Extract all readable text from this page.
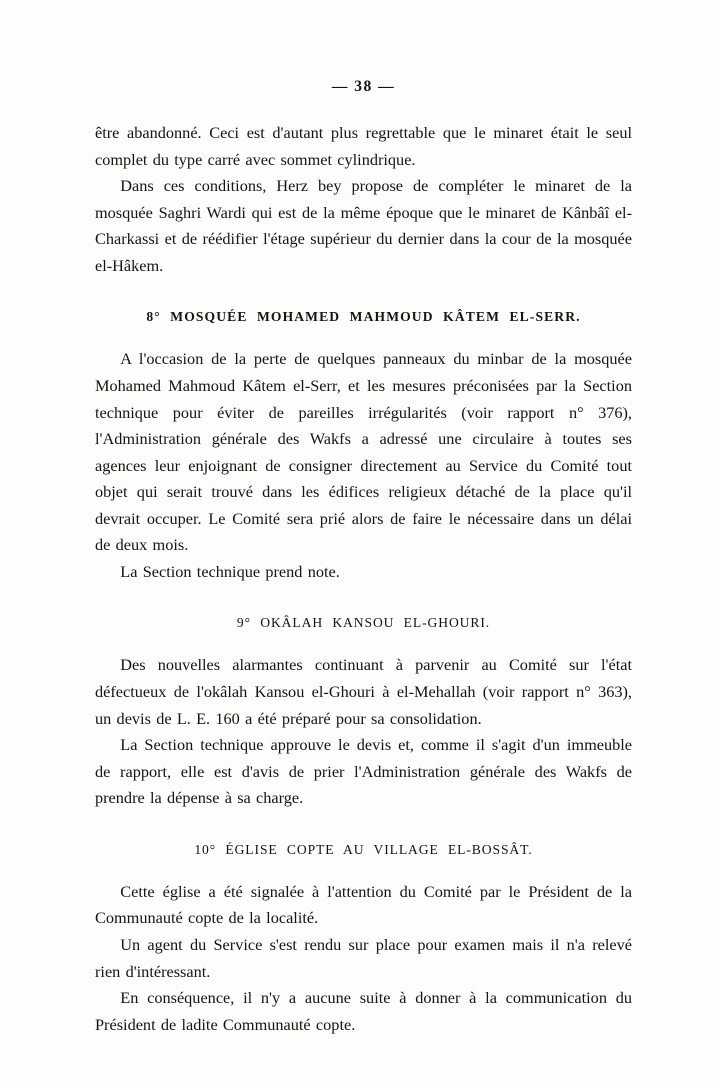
— 38 —

être abandonné. Ceci est d'autant plus regrettable que le minaret était le seul complet du type carré avec sommet cylindrique.

Dans ces conditions, Herz bey propose de compléter le minaret de la mosquée Saghri Wardi qui est de la même époque que le minaret de Kânbâî el-Charkassi et de réédifier l'étage supérieur du dernier dans la cour de la mosquée el-Hâkem.

8° MOSQUÉE MOHAMED MAHMOUD KÂTEM EL-SERR.

A l'occasion de la perte de quelques panneaux du minbar de la mosquée Mohamed Mahmoud Kâtem el-Serr, et les mesures préconisées par la Section technique pour éviter de pareilles irrégularités (voir rapport n° 376), l'Administration générale des Wakfs a adressé une circulaire à toutes ses agences leur enjoignant de consigner directement au Service du Comité tout objet qui serait trouvé dans les édifices religieux détaché de la place qu'il devrait occuper. Le Comité sera prié alors de faire le nécessaire dans un délai de deux mois.

La Section technique prend note.

9° OKÂLAH KANSOU EL-GHOURI.

Des nouvelles alarmantes continuant à parvenir au Comité sur l'état défectueux de l'okâlah Kansou el-Ghouri à el-Mehallah (voir rapport n° 363), un devis de L. E. 160 a été préparé pour sa consolidation.

La Section technique approuve le devis et, comme il s'agit d'un immeuble de rapport, elle est d'avis de prier l'Administration générale des Wakfs de prendre la dépense à sa charge.

10° ÉGLISE COPTE AU VILLAGE EL-BOSSÂT.

Cette église a été signalée à l'attention du Comité par le Président de la Communauté copte de la localité.

Un agent du Service s'est rendu sur place pour examen mais il n'a relevé rien d'intéressant.

En conséquence, il n'y a aucune suite à donner à la communication du Président de ladite Communauté copte.
